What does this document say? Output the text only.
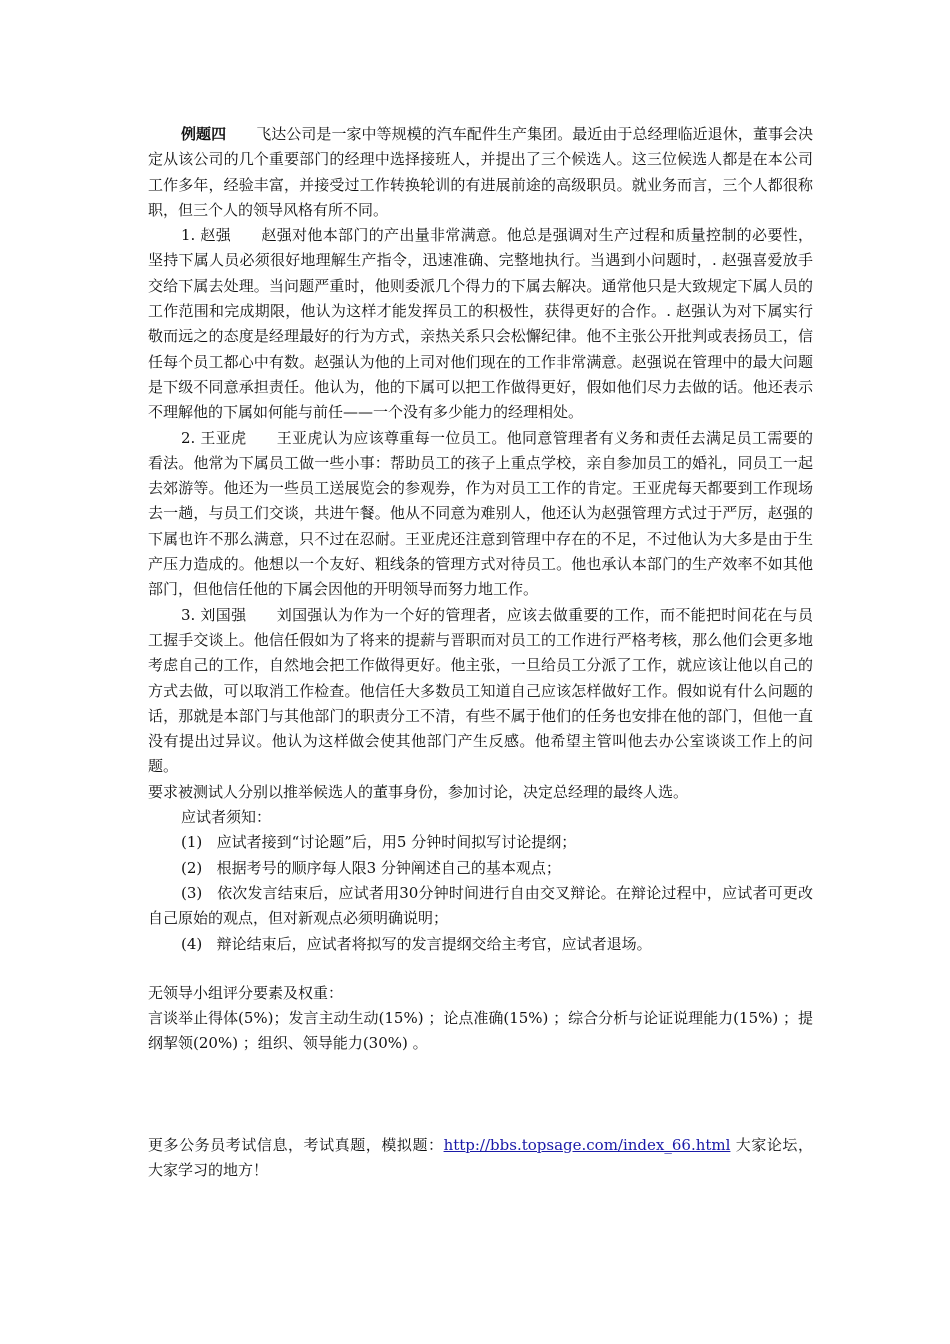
例题四 飞达公司是一家中等规模的汽车配件生产集团。最近由于总经理临近退休，董事会决定从该公司的几个重要部门的经理中选择接班人，并提出了三个候选人。这三位候选人都是在本公司工作多年，经验丰富，并接受过工作转换轮训的有进展前途的高级职员。就业务而言，三个人都很称职，但三个人的领导风格有所不同。

1. 赵强 赵强对他本部门的产出量非常满意。他总是强调对生产过程和质量控制的必要性，坚持下属人员必须很好地理解生产指令，迅速准确、完整地执行。当遇到小问题时，. 赵强喜爱放手交给下属去处理。当问题严重时，他则委派几个得力的下属去解决。通常他只是大致规定下属人员的工作范围和完成期限，他认为这样才能发挥员工的积极性，获得更好的合作。. 赵强认为对下属实行敬而远之的态度是经理最好的行为方式，亲热关系只会松懈纪律。他不主张公开批判或表扬员工，信任每个员工都心中有数。赵强认为他的上司对他们现在的工作非常满意。赵强说在管理中的最大问题是下级不同意承担责任。他认为，他的下属可以把工作做得更好，假如他们尽力去做的话。他还表示不理解他的下属如何能与前任——一个没有多少能力的经理相处。

2. 王亚虎 王亚虎认为应该尊重每一位员工。他同意管理者有义务和责任去满足员工需要的看法。他常为下属员工做一些小事：帮助员工的孩子上重点学校，亲自参加员工的婚礼，同员工一起去郊游等。他还为一些员工送展览会的参观券，作为对员工工作的肯定。王亚虎每天都要到工作现场去一趟，与员工们交谈，共进午餐。他从不同意为难别人，他还认为赵强管理方式过于严厉，赵强的下属也许不那么满意，只不过在忍耐。王亚虎还注意到管理中存在的不足，不过他认为大多是由于生产压力造成的。他想以一个友好、粗线条的管理方式对待员工。他也承认本部门的生产效率不如其他部门，但他信任他的下属会因他的开明领导而努力地工作。

3. 刘国强 刘国强认为作为一个好的管理者，应该去做重要的工作，而不能把时间花在与员工握手交谈上。他信任假如为了将来的提薪与晋职而对员工的工作进行严格考核，那么他们会更多地考虑自己的工作，自然地会把工作做得更好。他主张，一旦给员工分派了工作，就应该让他以自己的方式去做，可以取消工作检查。他信任大多数员工知道自己应该怎样做好工作。假如说有什么问题的话，那就是本部门与其他部门的职责分工不清，有些不属于他们的任务也安排在他的部门，但他一直没有提出过异议。他认为这样做会使其他部门产生反感。他希望主管叫他去办公室谈谈工作上的问题。

要求被测试人分别以推举候选人的董事身份，参加讨论，决定总经理的最终人选。

应试者须知：

(1) 应试者接到“讨论题”后，用5 分钟时间拟写讨论提纲；

(2) 根据考号的顺序每人限3 分钟阐述自己的基本观点；

(3) 依次发言结束后，应试者用30分钟时间进行自由交叉辩论。在辩论过程中，应试者可更改自己原始的观点，但对新观点必须明确说明；

(4) 辩论结束后，应试者将拟写的发言提纲交给主考官，应试者退场。

无领导小组评分要素及权重：

言谈举止得体(5%)；发言主动生动(15%) ；论点准确(15%) ；综合分析与论证说理能力(15%) ；提纲挈领(20%) ；组织、领导能力(30%) 。

更多公务员考试信息，考试真题，模拟题：http://bbs.topsage.com/index_66.html 大家论坛，大家学习的地方！
